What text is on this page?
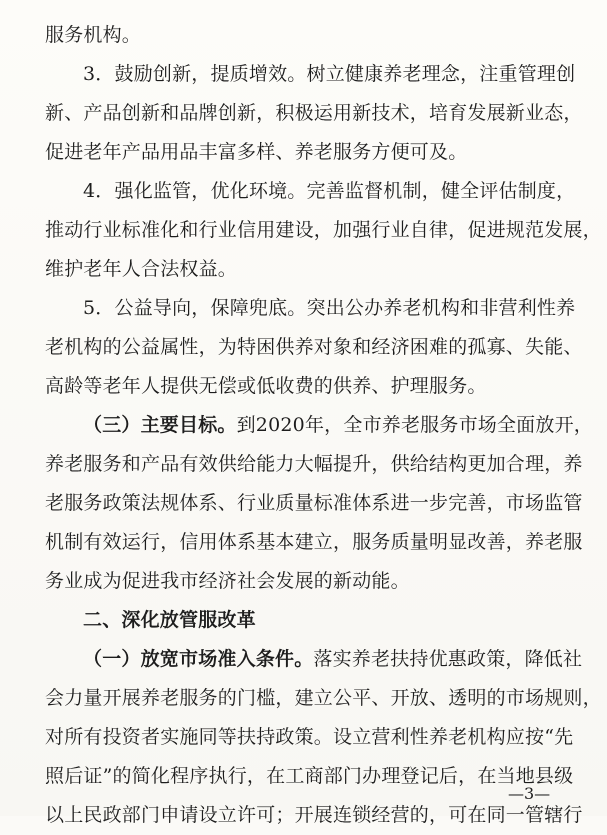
服务机构。
3．鼓励创新，提质增效。树立健康养老理念，注重管理创
新、产品创新和品牌创新，积极运用新技术，培育发展新业态，
促进老年产品用品丰富多样、养老服务方便可及。
4．强化监管，优化环境。完善监督机制，健全评估制度，
推动行业标准化和行业信用建设，加强行业自律，促进规范发展，
维护老年人合法权益。
5．公益导向，保障兜底。突出公办养老机构和非营利性养
老机构的公益属性，为特困供养对象和经济困难的孤寡、失能、
高龄等老年人提供无偿或低收费的供养、护理服务。
（三）主要目标。到2020年，全市养老服务市场全面放开，
养老服务和产品有效供给能力大幅提升，供给结构更加合理，养
老服务政策法规体系、行业质量标准体系进一步完善，市场监管
机制有效运行，信用体系基本建立，服务质量明显改善，养老服
务业成为促进我市经济社会发展的新动能。
二、深化放管服改革
（一）放宽市场准入条件。落实养老扶持优惠政策，降低社
会力量开展养老服务的门槛，建立公平、开放、透明的市场规则，
对所有投资者实施同等扶持政策。设立营利性养老机构应按“先
照后证”的简化程序执行，在工商部门办理登记后，在当地县级
以上民政部门申请设立许可；开展连锁经营的，可在同一管辖行
—3—
